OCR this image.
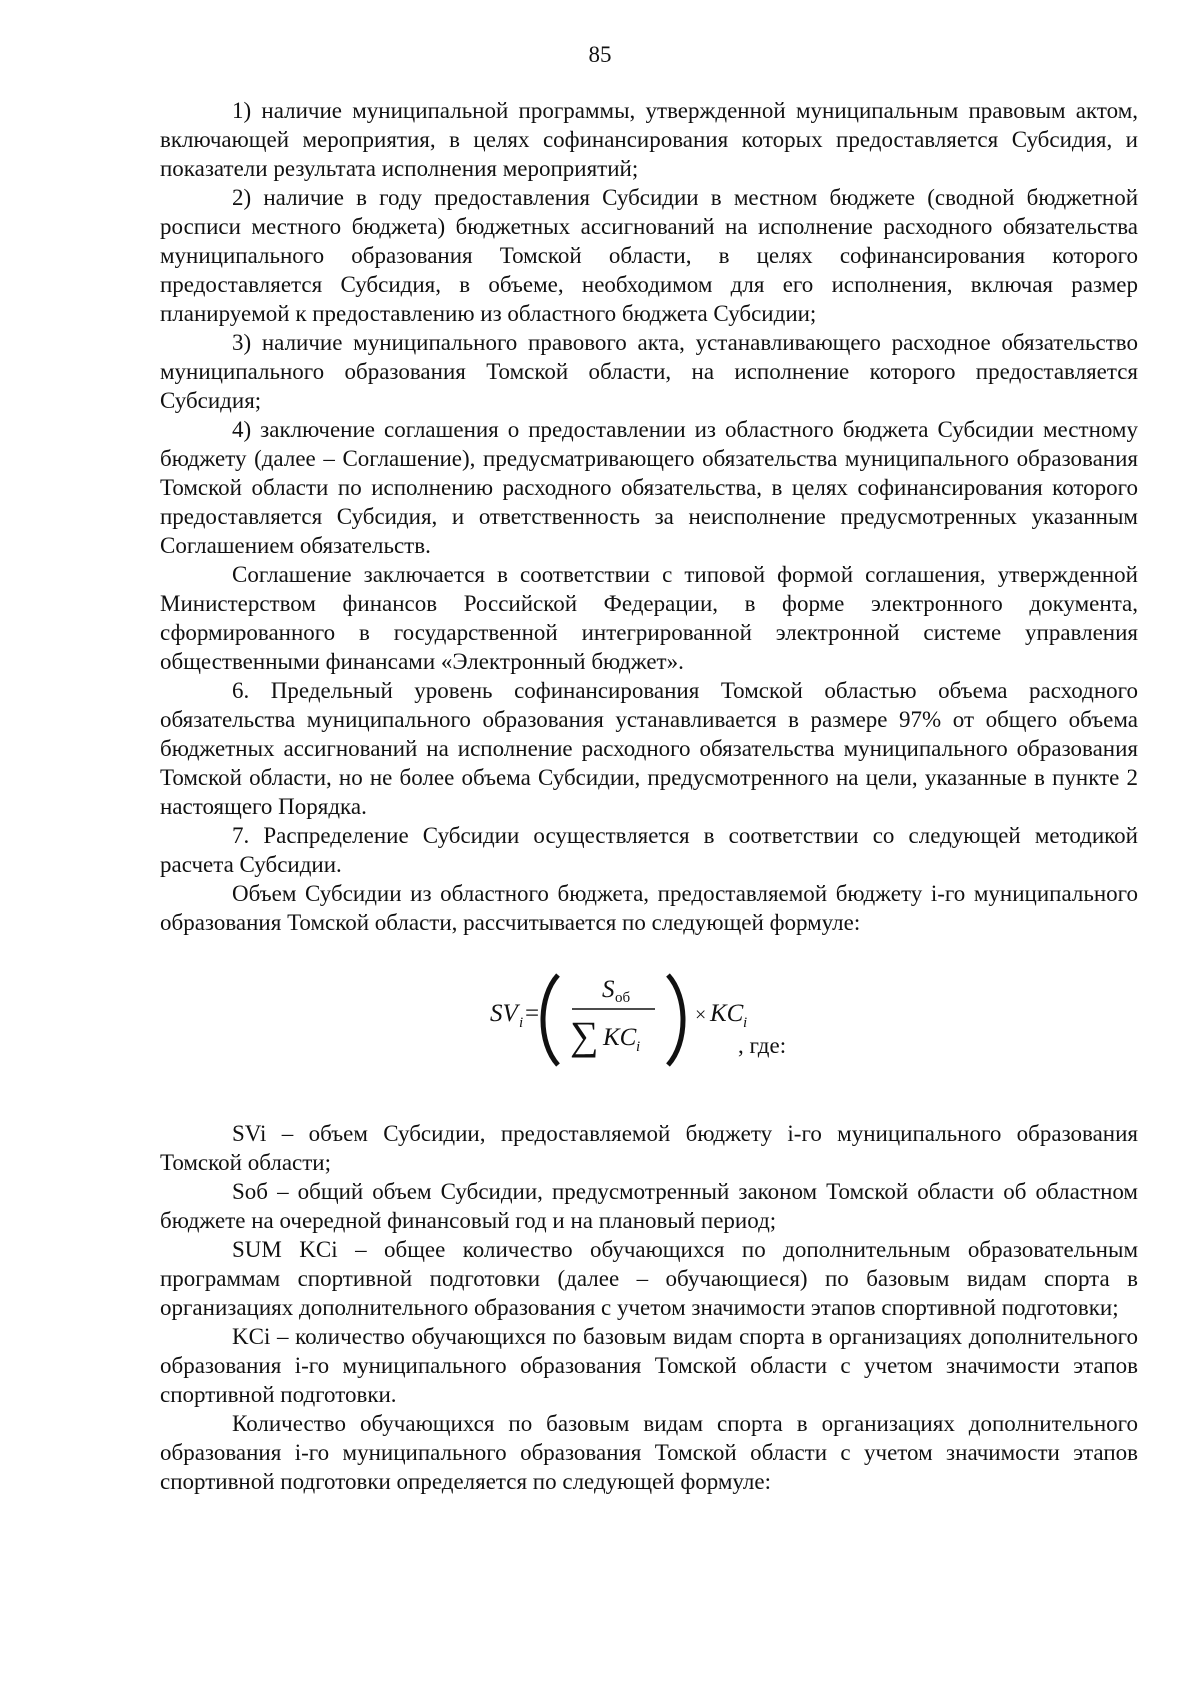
85

1) наличие муниципальной программы, утвержденной муниципальным правовым актом, включающей мероприятия, в целях софинансирования которых предоставляется Субсидия, и показатели результата исполнения мероприятий;

2) наличие в году предоставления Субсидии в местном бюджете (сводной бюджетной росписи местного бюджета) бюджетных ассигнований на исполнение расходного обязательства муниципального образования Томской области, в целях софинансирования которого предоставляется Субсидия, в объеме, необходимом для его исполнения, включая размер планируемой к предоставлению из областного бюджета Субсидии;

3) наличие муниципального правового акта, устанавливающего расходное обязательство муниципального образования Томской области, на исполнение которого предоставляется Субсидия;

4) заключение соглашения о предоставлении из областного бюджета Субсидии местному бюджету (далее – Соглашение), предусматривающего обязательства муниципального образования Томской области по исполнению расходного обязательства, в целях софинансирования которого предоставляется Субсидия, и ответственность за неисполнение предусмотренных указанным Соглашением обязательств.

Соглашение заключается в соответствии с типовой формой соглашения, утвержденной Министерством финансов Российской Федерации, в форме электронного документа, сформированного в государственной интегрированной электронной системе управления общественными финансами «Электронный бюджет».

6. Предельный уровень софинансирования Томской областью объема расходного обязательства муниципального образования устанавливается в размере 97% от общего объема бюджетных ассигнований на исполнение расходного обязательства муниципального образования Томской области, но не более объема Субсидии, предусмотренного на цели, указанные в пункте 2 настоящего Порядка.

7. Распределение Субсидии осуществляется в соответствии со следующей методикой расчета Субсидии.

Объем Субсидии из областного бюджета, предоставляемой бюджету i-го муниципального образования Томской области, рассчитывается по следующей формуле:

SV i =
S об
∑ KC i
× KC i
, где:

SVi – объем Субсидии, предоставляемой бюджету i-го муниципального образования Томской области;

Sоб – общий объем Субсидии, предусмотренный законом Томской области об областном бюджете на очередной финансовый год и на плановый период;

SUM KCi – общее количество обучающихся по дополнительным образовательным программам спортивной подготовки (далее – обучающиеся) по базовым видам спорта в организациях дополнительного образования с учетом значимости этапов спортивной подготовки;

KCi – количество обучающихся по базовым видам спорта в организациях дополнительного образования i-го муниципального образования Томской области с учетом значимости этапов спортивной подготовки.

Количество обучающихся по базовым видам спорта в организациях дополнительного образования i-го муниципального образования Томской области с учетом значимости этапов спортивной подготовки определяется по следующей формуле:
